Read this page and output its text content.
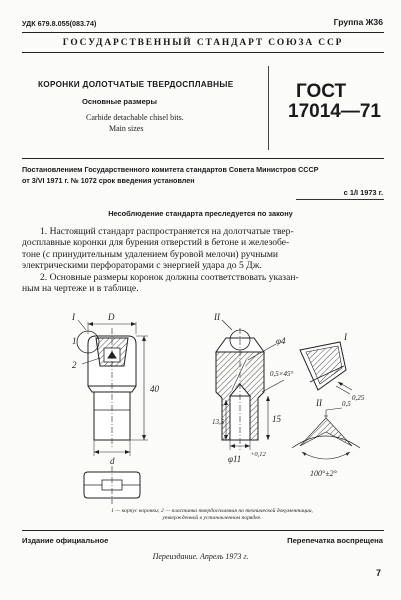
УДК 679.8.055(083.74)	Группа Ж36
ГОСУДАРСТВЕННЫЙ СТАНДАРТ СОЮЗА ССР
КОРОНКИ ДОЛОТЧАТЫЕ ТВЕРДОСПЛАВНЫЕ
Основные размеры
Carbide detachable chisel bits.
Main sizes
ГОСТ
17014—71
Постановлением Государственного комитета стандартов Совета Министров СССР
от 3/VI 1971 г. № 1072 срок введения установлен
с 1/I 1973 г.
Несоблюдение стандарта преследуется по закону
1. Настоящий стандарт распространяется на долотчатые твер-
досплавные коронки для бурения отверстий в бетоне и железобе-
тоне (с принудительным удалением буровой мелочи) ручными
электрическими перфораторами с энергией удара до 5 Дж.
2. Основные размеры коронок должны соответствовать указан-
ным на чертеже и в таблице.
I
2
1
D
40
d
II
φ4
0,5×45°
15
13,5
φ11 +0,12
I
0,25
II	0,5
100°±2°
1 — корпус коронки; 2 — пластинка твердосплавная по технической документации,
утвержденной в установленном порядке.
Издание официальное	Перепечатка воспрещена
Переиздание. Апрель 1973 г.
7
